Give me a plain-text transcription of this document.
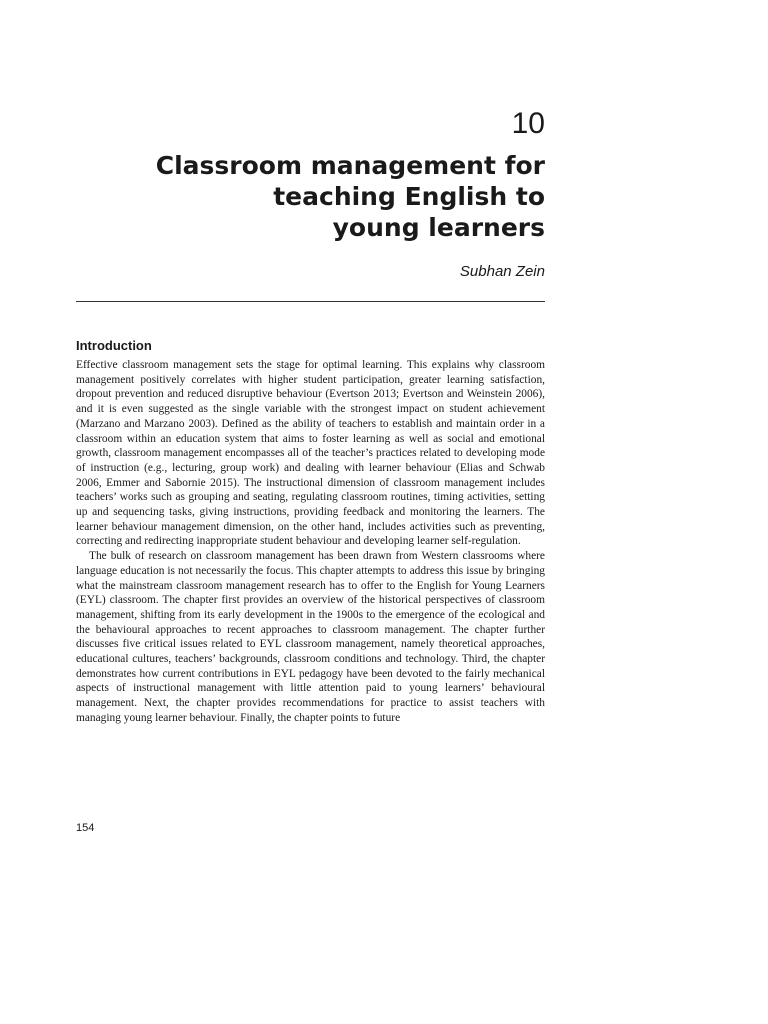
10
Classroom management for
teaching English to
young learners
Subhan Zein
Introduction

Effective classroom management sets the stage for optimal learning. This explains why classroom management positively correlates with higher student participation, greater learning satisfaction, dropout prevention and reduced disruptive behaviour (Evertson 2013; Evertson and Weinstein 2006), and it is even suggested as the single variable with the strongest impact on student achievement (Marzano and Marzano 2003). Defined as the ability of teachers to establish and maintain order in a classroom within an education system that aims to foster learning as well as social and emotional growth, classroom management encompasses all of the teacher’s practices related to developing mode of instruction (e.g., lecturing, group work) and dealing with learner behaviour (Elias and Schwab 2006, Emmer and Sabornie 2015). The instructional dimension of classroom management includes teachers’ works such as grouping and seating, regulating classroom routines, timing activities, setting up and sequencing tasks, giving instructions, providing feedback and monitoring the learners. The learner behaviour management dimension, on the other hand, includes activities such as preventing, correcting and redirecting inappropriate student behaviour and developing learner self-regulation.

The bulk of research on classroom management has been drawn from Western classrooms where language education is not necessarily the focus. This chapter attempts to address this issue by bringing what the mainstream classroom management research has to offer to the English for Young Learners (EYL) classroom. The chapter first provides an overview of the historical perspectives of classroom management, shifting from its early development in the 1900s to the emergence of the ecological and the behavioural approaches to recent approaches to classroom management. The chapter further discusses five critical issues related to EYL classroom management, namely theoretical approaches, educational cultures, teachers’ backgrounds, classroom conditions and technology. Third, the chapter demonstrates how current contributions in EYL pedagogy have been devoted to the fairly mechanical aspects of instructional management with little attention paid to young learners’ behavioural management. Next, the chapter provides recommendations for practice to assist teachers with managing young learner behaviour. Finally, the chapter points to future

154
